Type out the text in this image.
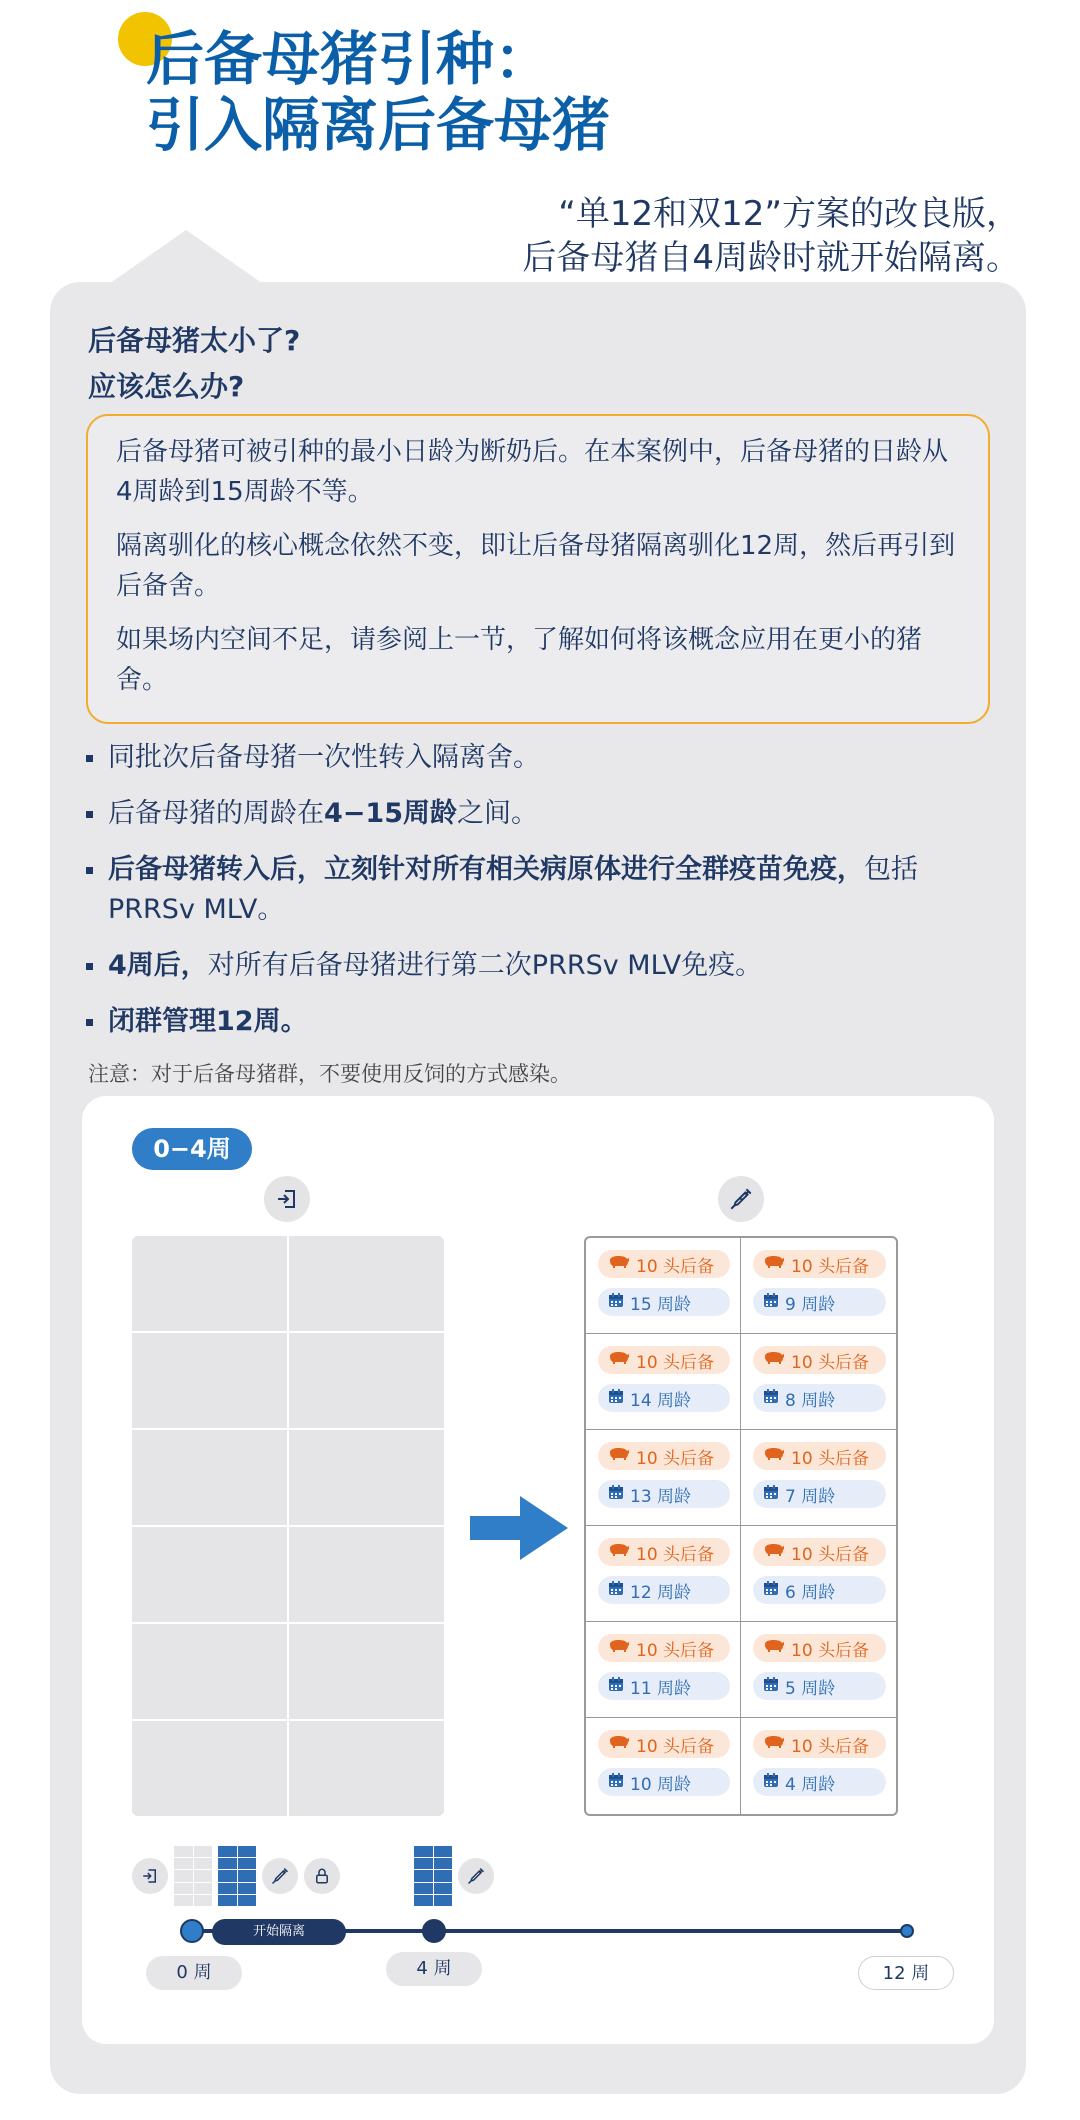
后备母猪引种：
引入隔离后备母猪
“单12和双12”方案的改良版，
后备母猪自4周龄时就开始隔离。
后备母猪太小了?
应该怎么办?

后备母猪可被引种的最小日龄为断奶后。在本案例中，后备母猪的日龄从4周龄到15周龄不等。

隔离驯化的核心概念依然不变，即让后备母猪隔离驯化12周，然后再引到后备舍。

如果场内空间不足，请参阅上一节，了解如何将该概念应用在更小的猪舍。

同批次后备母猪一次性转入隔离舍。
后备母猪的周龄在4−15周龄之间。
后备母猪转入后，立刻针对所有相关病原体进行全群疫苗免疫，包括PRRSv MLV。
4周后，对所有后备母猪进行第二次PRRSv MLV免疫。
闭群管理12周。
注意：对于后备母猪群，不要使用反饲的方式感染。
0−4周
10 头后备
15 周龄
10 头后备
9 周龄
10 头后备
14 周龄
10 头后备
8 周龄
10 头后备
13 周龄
10 头后备
7 周龄
10 头后备
12 周龄
10 头后备
6 周龄
10 头后备
11 周龄
10 头后备
5 周龄
10 头后备
10 周龄
10 头后备
4 周龄
开始隔离
0 周	4 周	12 周
